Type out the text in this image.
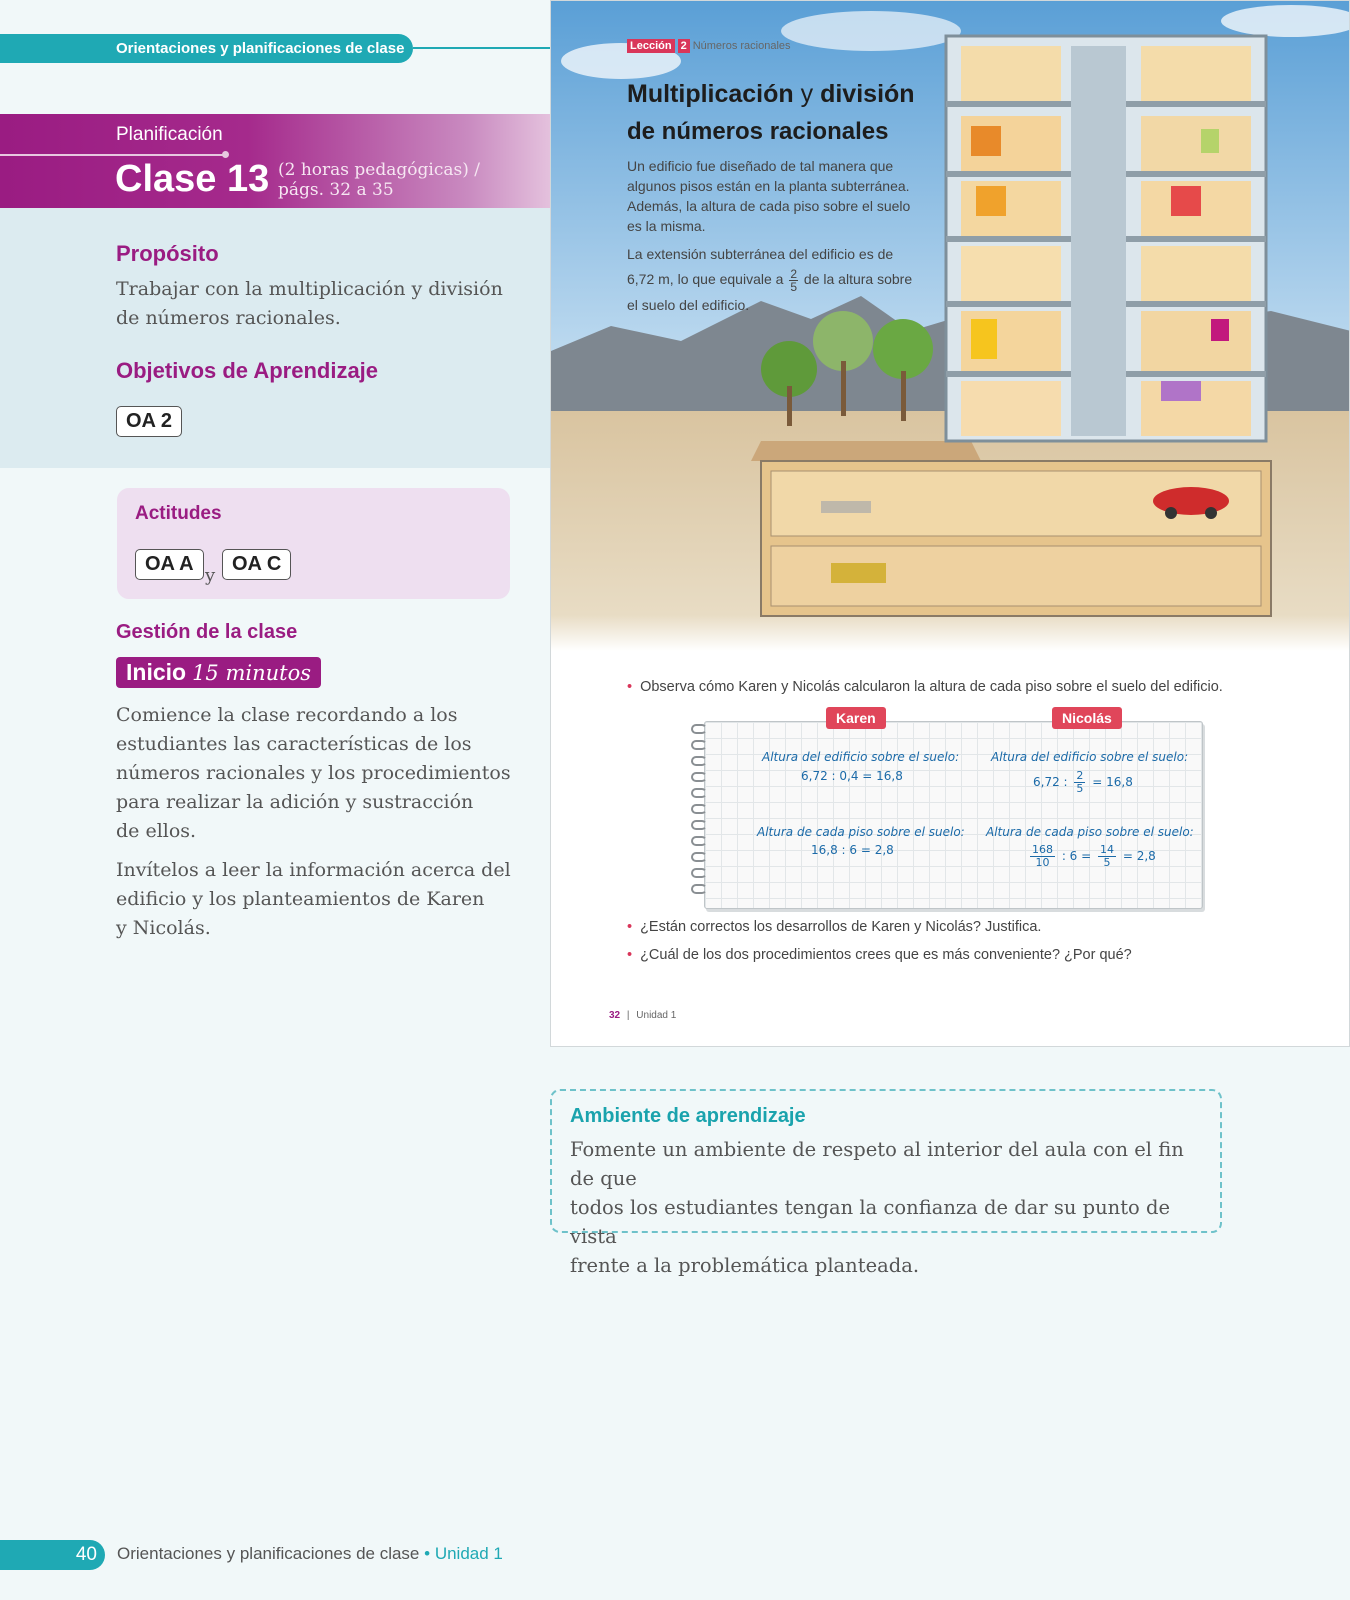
Orientaciones y planificaciones de clase
Planificación
Clase 13 (2 horas pedagógicas) /
págs. 32 a 35
Propósito
Trabajar con la multiplicación y división
de números racionales.
Objetivos de Aprendizaje
OA 2
Actitudes
OA A
y
OA C
Gestión de la clase
Inicio 15 minutos
Comience la clase recordando a los
estudiantes las características de los
números racionales y los procedimientos
para realizar la adición y sustracción
de ellos.
Invítelos a leer la información acerca del
edificio y los planteamientos de Karen
y Nicolás.
Lección 2 Números racionales
Multiplicación y división
de números racionales
Un edificio fue diseñado de tal manera que
algunos pisos están en la planta subterránea.
Además, la altura de cada piso sobre el suelo
es la misma.
La extensión subterránea del edificio es de
6,72 m, lo que equivale a $\frac{2}{5}$ de la altura sobre
el suelo del edificio.
• Observa cómo Karen y Nicolás calcularon la altura de cada piso sobre el suelo del edificio.
Karen	Nicolás
Altura del edificio sobre el suelo:
6,72 : 0,4 = 16,8
Altura de cada piso sobre el suelo:
16,8 : 6 = 2,8
Altura del edificio sobre el suelo:
6,72 : $\frac{2}{5} = 16,8$
Altura de cada piso sobre el suelo:
$\frac{168}{10}$ : $6 = \frac{14}{5} = 2,8$
• ¿Están correctos los desarrollos de Karen y Nicolás? Justifica.
• ¿Cuál de los dos procedimientos crees que es más conveniente? ¿Por qué?
32 | Unidad 1
Ambiente de aprendizaje
Fomente un ambiente de respeto al interior del aula con el fin de que
todos los estudiantes tengan la confianza de dar su punto de vista
frente a la problemática planteada.
40 Orientaciones y planificaciones de clase • Unidad 1
